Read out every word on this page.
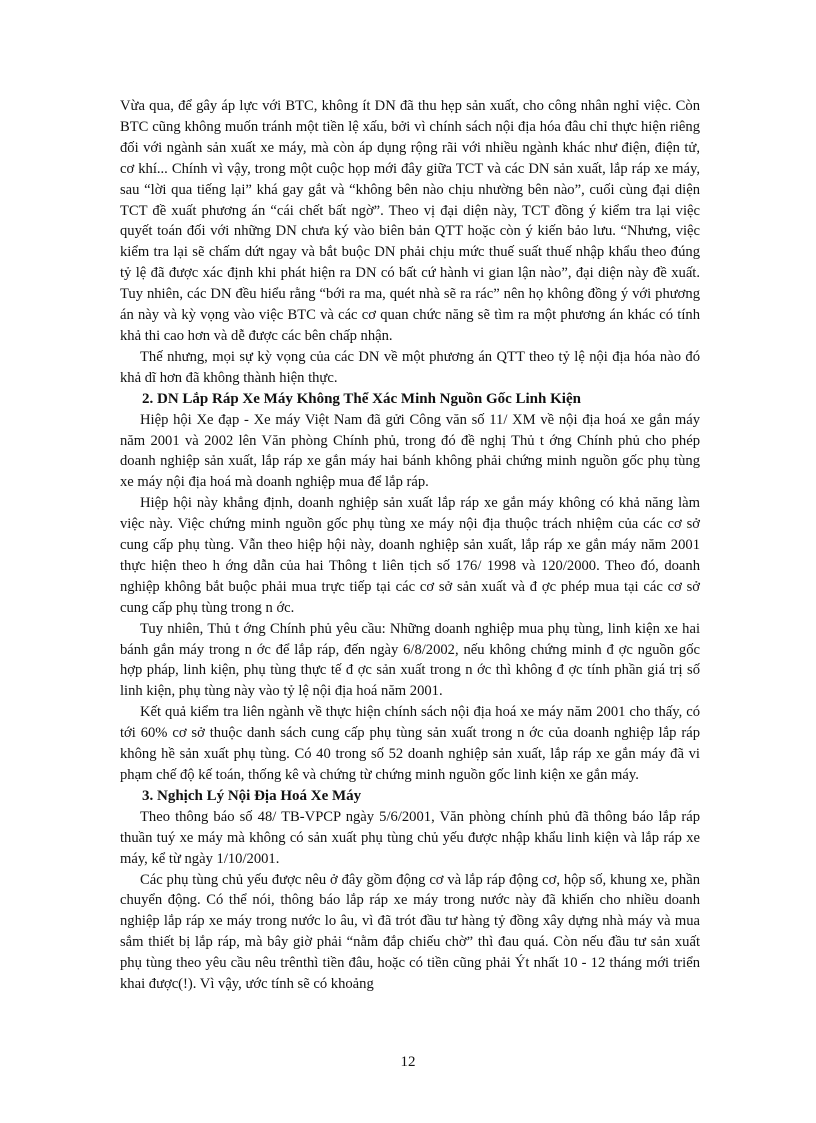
Vừa qua, để gây áp lực với BTC, không ít DN đã thu hẹp sản xuất, cho công nhân nghỉ việc. Còn BTC cũng không muốn tránh một tiền lệ xấu, bởi vì chính sách nội địa hóa đâu chỉ thực hiện riêng đối với ngành sản xuất xe máy, mà còn áp dụng rộng rãi với nhiều ngành khác như điện, điện tử, cơ khí... Chính vì vậy, trong một cuộc họp mới đây giữa TCT và các DN sản xuất, lắp ráp xe máy, sau “lời qua tiếng lại” khá gay gắt và “không bên nào chịu nhường bên nào”, cuối cùng đại diện TCT đề xuất phương án “cái chết bất ngờ”. Theo vị đại diện này, TCT đồng ý kiểm tra lại việc quyết toán đối với những DN chưa ký vào biên bản QTT hoặc còn ý kiến bảo lưu. “Nhưng, việc kiểm tra lại sẽ chấm dứt ngay và bắt buộc DN phải chịu mức thuế suất thuế nhập khẩu theo đúng tỷ lệ đã được xác định khi phát hiện ra DN có bất cứ hành vi gian lận nào”, đại diện này đề xuất. Tuy nhiên, các DN đều hiểu rằng “bới ra ma, quét nhà sẽ ra rác” nên họ không đồng ý với phương án này và kỳ vọng vào việc BTC và các cơ quan chức năng sẽ tìm ra một phương án khác có tính khả thi cao hơn và dễ được các bên chấp nhận.

Thế nhưng, mọi sự kỳ vọng của các DN về một phương án QTT theo tỷ lệ nội địa hóa nào đó khả dĩ hơn đã không thành hiện thực.

2. DN Lắp Ráp Xe Máy Không Thể Xác Minh Nguồn Gốc Linh Kiện

Hiệp hội Xe đạp - Xe máy Việt Nam đã gửi Công văn số 11/ XM về nội địa hoá xe gắn máy năm 2001 và 2002 lên Văn phòng Chính phủ, trong đó đề nghị Thủ t ớng Chính phủ cho phép doanh nghiệp sản xuất, lắp ráp xe gắn máy hai bánh không phải chứng minh nguồn gốc phụ tùng xe máy nội địa hoá mà doanh nghiệp mua để lắp ráp.

Hiệp hội này khẳng định, doanh nghiệp sản xuất lắp ráp xe gắn máy không có khả năng làm việc này. Việc chứng minh nguồn gốc phụ tùng xe máy nội địa thuộc trách nhiệm của các cơ sở cung cấp phụ tùng. Vẫn theo hiệp hội này, doanh nghiệp sản xuất, lắp ráp xe gắn máy năm 2001 thực hiện theo h ớng dẫn của hai Thông t liên tịch số 176/ 1998 và 120/2000. Theo đó, doanh nghiệp không bắt buộc phải mua trực tiếp tại các cơ sở sản xuất và đ ợc phép mua tại các cơ sở cung cấp phụ tùng trong n ớc.

Tuy nhiên, Thủ t ớng Chính phủ yêu cầu: Những doanh nghiệp mua phụ tùng, linh kiện xe hai bánh gắn máy trong n ớc để lắp ráp, đến ngày 6/8/2002, nếu không chứng minh đ ợc nguồn gốc hợp pháp, linh kiện, phụ tùng thực tế đ ợc sản xuất trong n ớc thì không đ ợc tính phần giá trị số linh kiện, phụ tùng này vào tỷ lệ nội địa hoá năm 2001.

Kết quả kiểm tra liên ngành về thực hiện chính sách nội địa hoá xe máy năm 2001 cho thấy, có tới 60% cơ sở thuộc danh sách cung cấp phụ tùng sản xuất trong n ớc của doanh nghiệp lắp ráp không hề sản xuất phụ tùng. Có 40 trong số 52 doanh nghiệp sản xuất, lắp ráp xe gắn máy đã vi phạm chế độ kế toán, thống kê và chứng từ chứng minh nguồn gốc linh kiện xe gắn máy.

3. Nghịch Lý Nội Địa Hoá Xe Máy

Theo thông báo số 48/ TB-VPCP ngày 5/6/2001, Văn phòng chính phủ đã thông báo lắp ráp thuần tuý xe máy mà không có sản xuất phụ tùng chủ yếu được nhập khẩu linh kiện và lắp ráp xe máy, kể từ ngày 1/10/2001.

Các phụ tùng chủ yếu được nêu ở đây gồm động cơ và lắp ráp động cơ, hộp số, khung xe, phần chuyển động. Có thể nói, thông báo lắp ráp xe máy trong nước này đã khiến cho nhiều doanh nghiệp lắp ráp xe máy trong nước lo âu, vì đã trót đầu tư hàng tỷ đồng xây dựng nhà máy và mua sắm thiết bị lắp ráp, mà bây giờ phải “nằm đắp chiếu chờ” thì đau quá. Còn nếu đầu tư sản xuất phụ tùng theo yêu cầu nêu trênthì tiền đâu, hoặc có tiền cũng phải Ýt nhất 10 - 12 tháng mới triển khai được(!). Vì vậy, ước tính sẽ có khoảng

12
